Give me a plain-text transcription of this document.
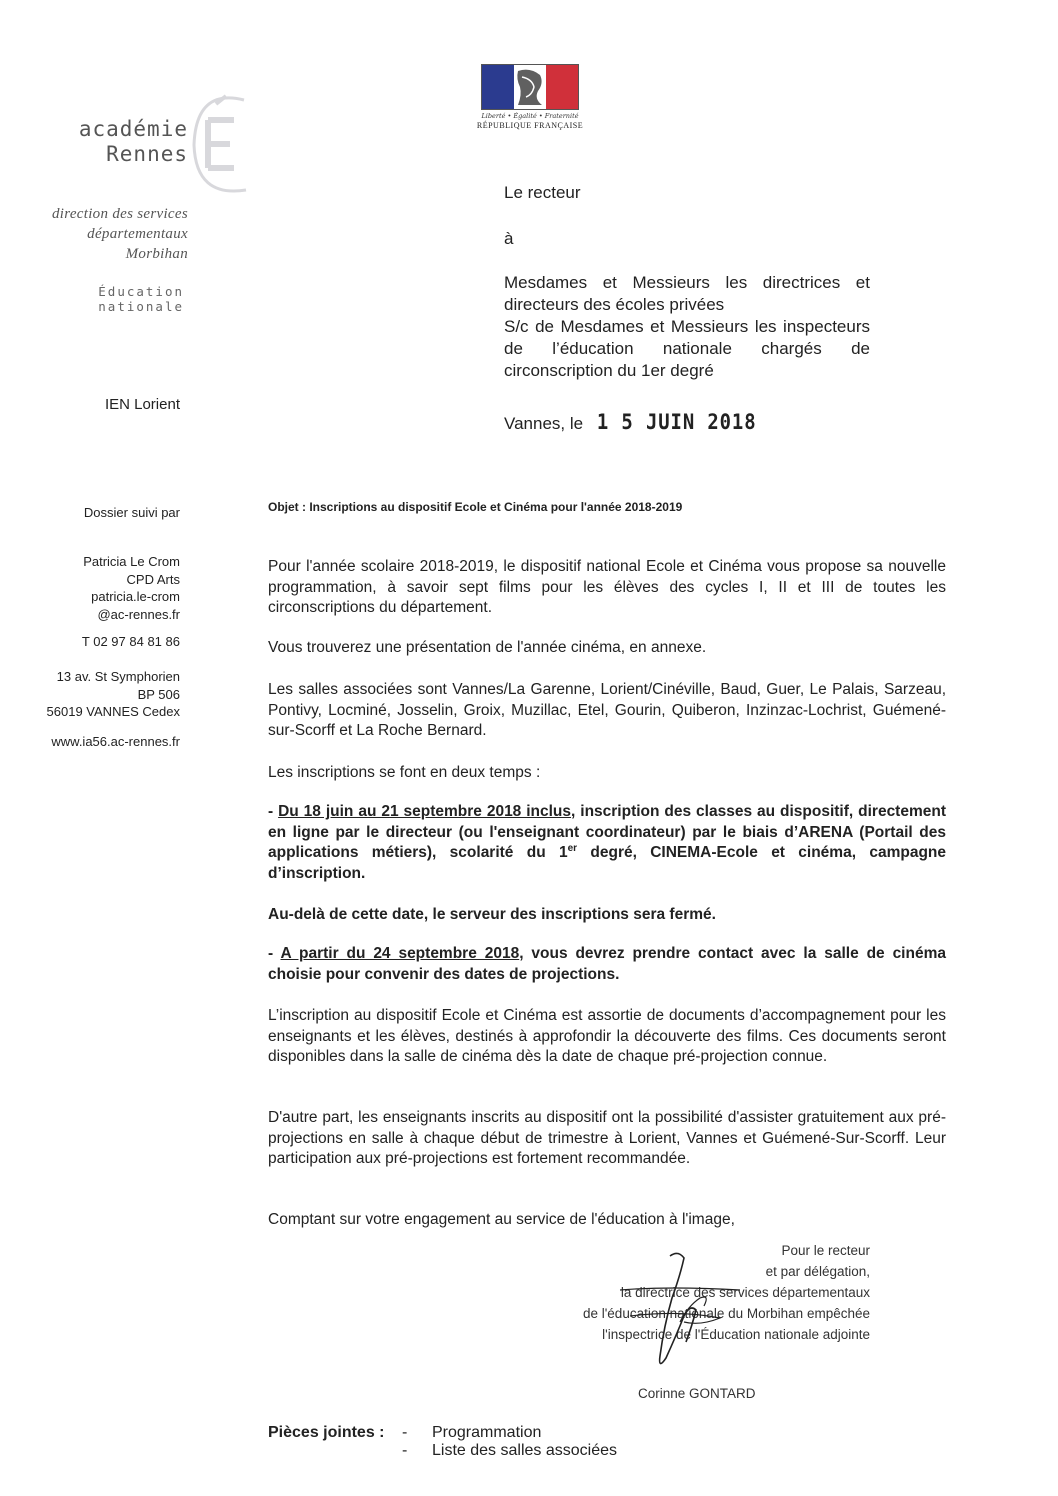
Liberté • Égalité • Fraternité
RÉPUBLIQUE FRANÇAISE
académie
Rennes
direction des services
départementaux
Morbihan
Éducation
nationale
IEN Lorient
Dossier suivi par
Patricia Le Crom
CPD Arts
patricia.le-crom
@ac-rennes.fr
T 02 97 84 81 86
13 av. St Symphorien
BP 506
56019 VANNES Cedex
www.ia56.ac-rennes.fr
Le recteur
à
Mesdames et Messieurs les directrices et directeurs des écoles privées
S/c de Mesdames et Messieurs les inspecteurs de l’éducation nationale chargés de circonscription du 1er degré
Vannes, le 1 5 JUIN 2018
Objet : Inscriptions au dispositif Ecole et Cinéma pour l'année 2018-2019
Pour l'année scolaire 2018-2019, le dispositif national Ecole et Cinéma vous propose sa nouvelle programmation, à savoir sept films pour les élèves des cycles I, II et III de toutes les circonscriptions du département.
Vous trouverez une présentation de l'année cinéma, en annexe.
Les salles associées sont Vannes/La Garenne, Lorient/Cinéville, Baud, Guer, Le Palais, Sarzeau, Pontivy, Locminé, Josselin, Groix, Muzillac, Etel, Gourin, Quiberon, Inzinzac-Lochrist, Guémené-sur-Scorff et La Roche Bernard.
Les inscriptions se font en deux temps :
- Du 18 juin au 21 septembre 2018 inclus, inscription des classes au dispositif, directement en ligne par le directeur (ou l'enseignant coordinateur) par le biais d’ARENA (Portail des applications métiers), scolarité du 1er degré, CINEMA-Ecole et cinéma, campagne d’inscription.
Au-delà de cette date, le serveur des inscriptions sera fermé.
- A partir du 24 septembre 2018, vous devrez prendre contact avec la salle de cinéma choisie pour convenir des dates de projections.
L’inscription au dispositif Ecole et Cinéma est assortie de documents d’accompagnement pour les enseignants et les élèves, destinés à approfondir la découverte des films. Ces documents seront disponibles dans la salle de cinéma dès la date de chaque pré-projection connue.
D'autre part, les enseignants inscrits au dispositif ont la possibilité d'assister gratuitement aux pré-projections en salle à chaque début de trimestre à Lorient, Vannes et Guémené-Sur-Scorff. Leur participation aux pré-projections est fortement recommandée.
Comptant sur votre engagement au service de l'éducation à l'image,
Pour le recteur
et par délégation,
la directrice des services départementaux
de l'éducation nationale du Morbihan empêchée
l'inspectrice de l'Éducation nationale adjointe
Corinne GONTARD
Pièces jointes :	-	Programmation
-	Liste des salles associées
